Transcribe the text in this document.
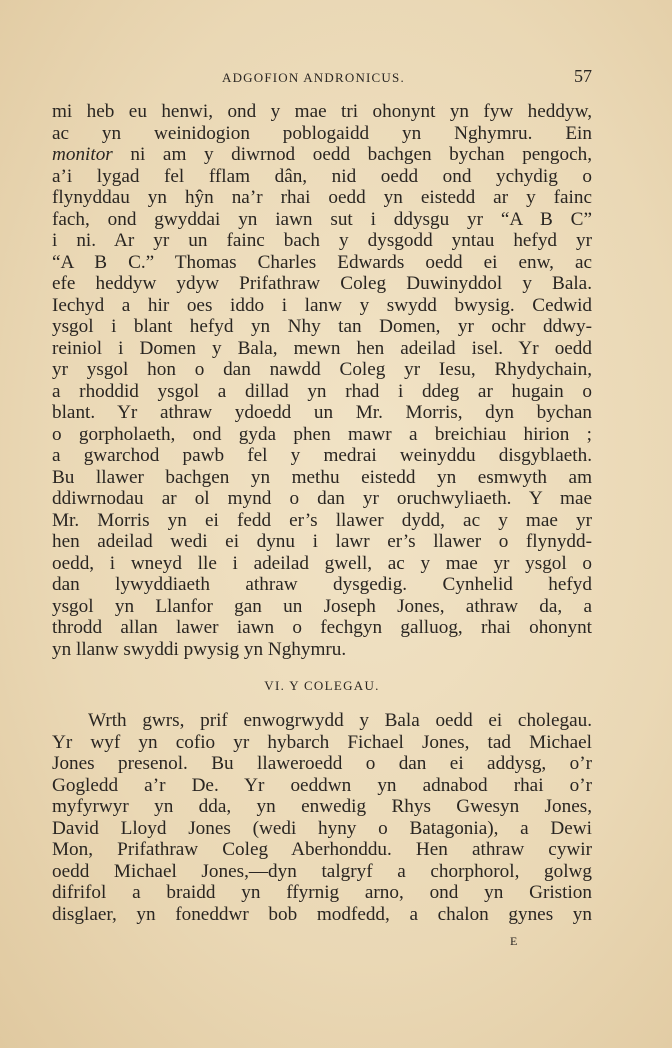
ADGOFION ANDRONICUS.	57
mi heb eu henwi, ond y mae tri ohonynt yn fyw heddyw,
ac yn weinidogion poblogaidd yn Nghymru. Ein
monitor ni am y diwrnod oedd bachgen bychan pengoch,
a’i lygad fel fflam dân, nid oedd ond ychydig o
flynyddau yn hŷn na’r rhai oedd yn eistedd ar y fainc
fach, ond gwyddai yn iawn sut i ddysgu yr “A B C”
i ni. Ar yr un fainc bach y dysgodd yntau hefyd yr
“A B C.” Thomas Charles Edwards oedd ei enw, ac
efe heddyw ydyw Prifathraw Coleg Duwinyddol y Bala.
Iechyd a hir oes iddo i lanw y swydd bwysig. Cedwid
ysgol i blant hefyd yn Nhy tan Domen, yr ochr ddwy-
reiniol i Domen y Bala, mewn hen adeilad isel. Yr oedd
yr ysgol hon o dan nawdd Coleg yr Iesu, Rhydychain,
a rhoddid ysgol a dillad yn rhad i ddeg ar hugain o
blant. Yr athraw ydoedd un Mr. Morris, dyn bychan
o gorpholaeth, ond gyda phen mawr a breichiau hirion ;
a gwarchod pawb fel y medrai weinyddu disgyblaeth.
Bu llawer bachgen yn methu eistedd yn esmwyth am
ddiwrnodau ar ol mynd o dan yr oruchwyliaeth. Y mae
Mr. Morris yn ei fedd er’s llawer dydd, ac y mae yr
hen adeilad wedi ei dynu i lawr er’s llawer o flynydd-
oedd, i wneyd lle i adeilad gwell, ac y mae yr ysgol o
dan lywyddiaeth athraw dysgedig. Cynhelid hefyd
ysgol yn Llanfor gan un Joseph Jones, athraw da, a
throdd allan lawer iawn o fechgyn galluog, rhai ohonynt
yn llanw swyddi pwysig yn Nghymru.
VI. Y COLEGAU.
Wrth gwrs, prif enwogrwydd y Bala oedd ei cholegau.
Yr wyf yn cofio yr hybarch Fichael Jones, tad Michael
Jones presenol. Bu llaweroedd o dan ei addysg, o’r
Gogledd a’r De. Yr oeddwn yn adnabod rhai o’r
myfyrwyr yn dda, yn enwedig Rhys Gwesyn Jones,
David Lloyd Jones (wedi hyny o Batagonia), a Dewi
Mon, Prifathraw Coleg Aberhonddu. Hen athraw cywir
oedd Michael Jones,—dyn talgryf a chorphorol, golwg
difrifol a braidd yn ffyrnig arno, ond yn Gristion
disglaer, yn foneddwr bob modfedd, a chalon gynes yn
E
